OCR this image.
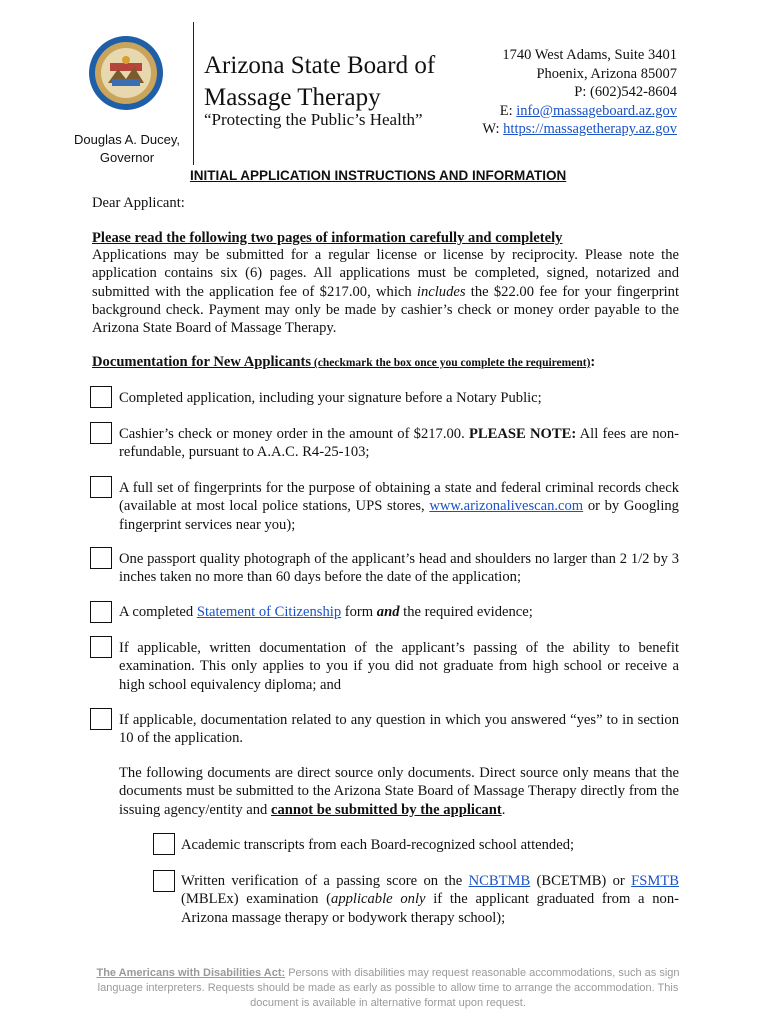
Douglas A. Ducey,
Governor
Arizona State Board of
Massage Therapy
“Protecting the Public’s Health”
1740 West Adams, Suite 3401
Phoenix, Arizona 85007
P: (602)542-8604
E: info@massageboard.az.gov
W: https://massagetherapy.az.gov
INITIAL APPLICATION INSTRUCTIONS AND INFORMATION
Dear Applicant:
Please read the following two pages of information carefully and completely
Applications may be submitted for a regular license or license by reciprocity. Please note the application contains six (6) pages. All applications must be completed, signed, notarized and submitted with the application fee of $217.00, which includes the $22.00 fee for your fingerprint background check. Payment may only be made by cashier’s check or money order payable to the Arizona State Board of Massage Therapy.
Documentation for New Applicants (checkmark the box once you complete the requirement):
Completed application, including your signature before a Notary Public;
Cashier’s check or money order in the amount of $217.00. PLEASE NOTE: All fees are non-refundable, pursuant to A.A.C. R4-25-103;
A full set of fingerprints for the purpose of obtaining a state and federal criminal records check (available at most local police stations, UPS stores, www.arizonalivescan.com or by Googling fingerprint services near you);
One passport quality photograph of the applicant’s head and shoulders no larger than 2 1/2 by 3 inches taken no more than 60 days before the date of the application;
A completed Statement of Citizenship form and the required evidence;
If applicable, written documentation of the applicant’s passing of the ability to benefit examination. This only applies to you if you did not graduate from high school or receive a high school equivalency diploma; and
If applicable, documentation related to any question in which you answered “yes” to in section 10 of the application.
The following documents are direct source only documents. Direct source only means that the documents must be submitted to the Arizona State Board of Massage Therapy directly from the issuing agency/entity and cannot be submitted by the applicant.
Academic transcripts from each Board-recognized school attended;
Written verification of a passing score on the NCBTMB (BCETMB) or FSMTB (MBLEx) examination (applicable only if the applicant graduated from a non-Arizona massage therapy or bodywork therapy school);
The Americans with Disabilities Act: Persons with disabilities may request reasonable accommodations, such as sign language interpreters. Requests should be made as early as possible to allow time to arrange the accommodation. This document is available in alternative format upon request.
